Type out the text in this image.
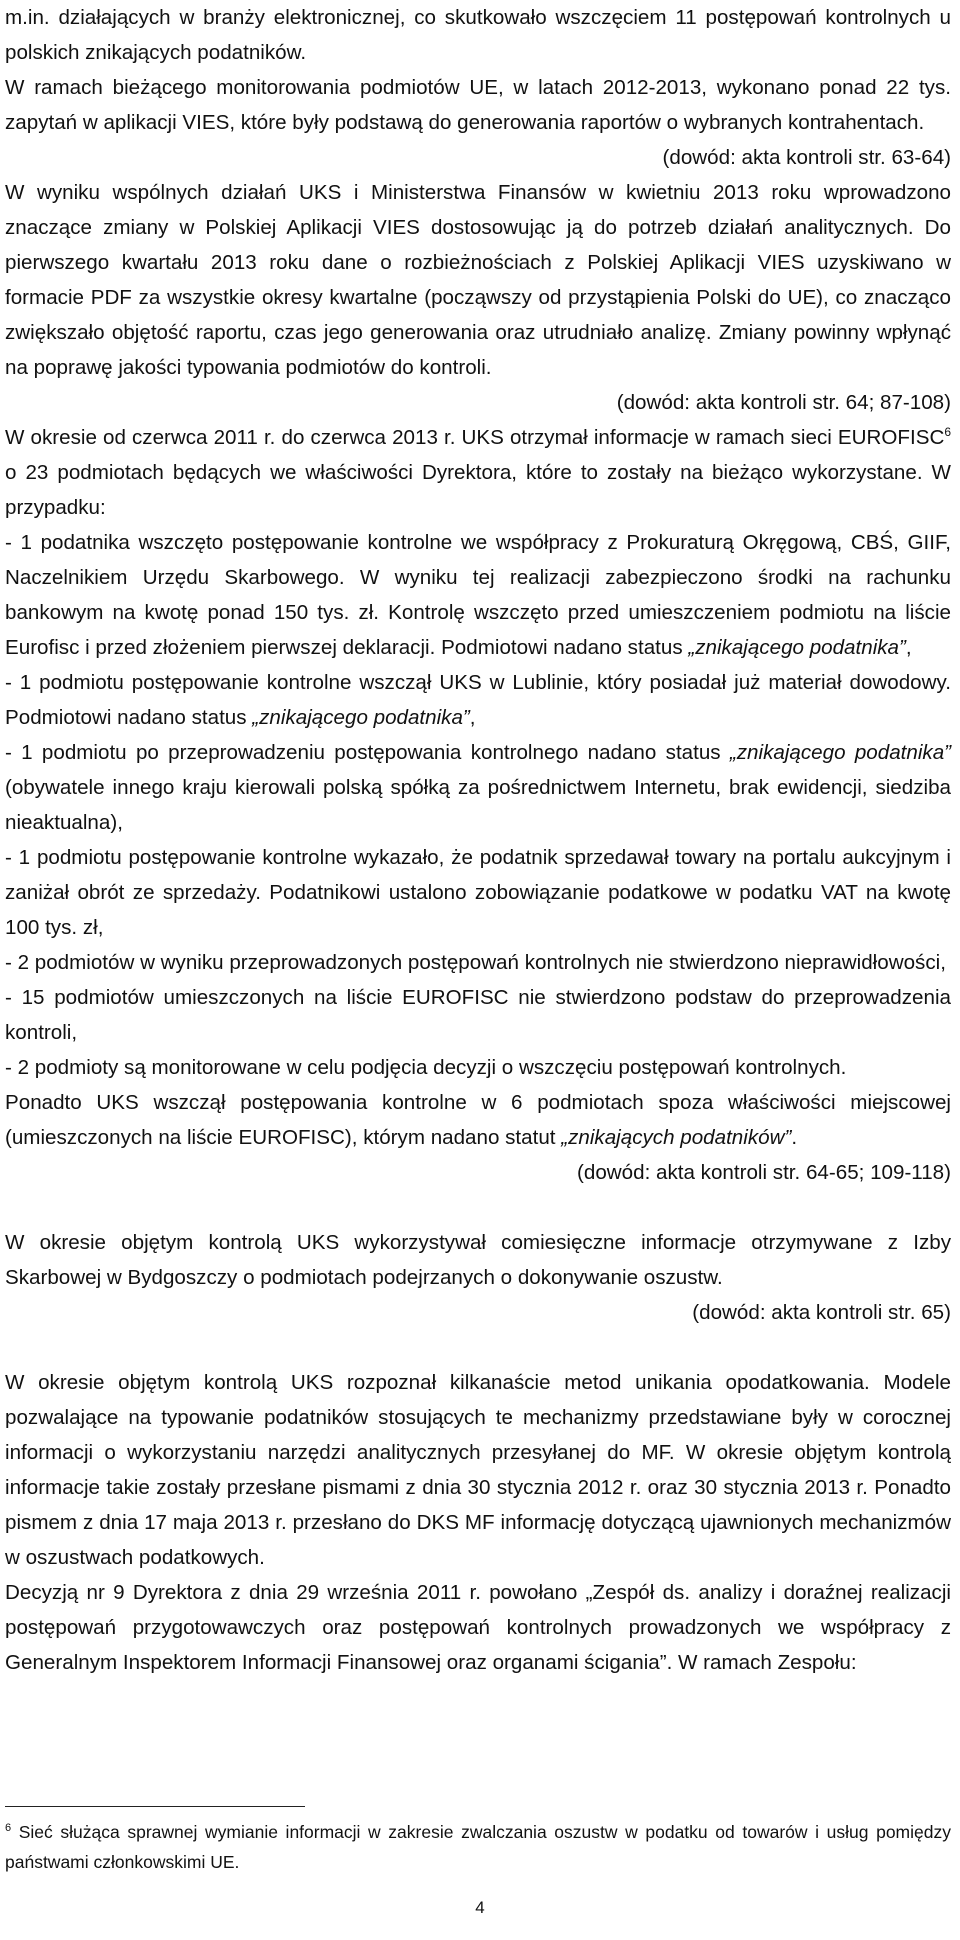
m.in. działających w branży elektronicznej, co skutkowało wszczęciem 11 postępowań kontrolnych u polskich znikających podatników.

W ramach bieżącego monitorowania podmiotów UE, w latach 2012-2013, wykonano ponad 22 tys. zapytań w aplikacji VIES, które były podstawą do generowania raportów o wybranych kontrahentach.

(dowód: akta kontroli str. 63-64)

W wyniku wspólnych działań UKS i Ministerstwa Finansów w kwietniu 2013 roku wprowadzono znaczące zmiany w Polskiej Aplikacji VIES dostosowując ją do potrzeb działań analitycznych. Do pierwszego kwartału 2013 roku dane o rozbieżnościach z Polskiej Aplikacji VIES uzyskiwano w formacie PDF za wszystkie okresy kwartalne (począwszy od przystąpienia Polski do UE), co znacząco zwiększało objętość raportu, czas jego generowania oraz utrudniało analizę. Zmiany powinny wpłynąć na poprawę jakości typowania podmiotów do kontroli.

(dowód: akta kontroli str. 64; 87-108)

W okresie od czerwca 2011 r. do czerwca 2013 r. UKS otrzymał informacje w ramach sieci EUROFISC$^6$ o 23 podmiotach będących we właściwości Dyrektora, które to zostały na bieżąco wykorzystane. W przypadku:

- 1 podatnika wszczęto postępowanie kontrolne we współpracy z Prokuraturą Okręgową, CBŚ, GIIF, Naczelnikiem Urzędu Skarbowego. W wyniku tej realizacji zabezpieczono środki na rachunku bankowym na kwotę ponad 150 tys. zł. Kontrolę wszczęto przed umieszczeniem podmiotu na liście Eurofisc i przed złożeniem pierwszej deklaracji. Podmiotowi nadano status „znikającego podatnika”,

- 1 podmiotu postępowanie kontrolne wszczął UKS w Lublinie, który posiadał już materiał dowodowy. Podmiotowi nadano status „znikającego podatnika”,

- 1 podmiotu po przeprowadzeniu postępowania kontrolnego nadano status „znikającego podatnika” (obywatele innego kraju kierowali polską spółką za pośrednictwem Internetu, brak ewidencji, siedziba nieaktualna),

- 1 podmiotu postępowanie kontrolne wykazało, że podatnik sprzedawał towary na portalu aukcyjnym i zaniżał obrót ze sprzedaży. Podatnikowi ustalono zobowiązanie podatkowe w podatku VAT na kwotę 100 tys. zł,

- 2 podmiotów w wyniku przeprowadzonych postępowań kontrolnych nie stwierdzono nieprawidłowości,

- 15 podmiotów umieszczonych na liście EUROFISC nie stwierdzono podstaw do przeprowadzenia kontroli,

- 2 podmioty są monitorowane w celu podjęcia decyzji o wszczęciu postępowań kontrolnych.

Ponadto UKS wszczął postępowania kontrolne w 6 podmiotach spoza właściwości miejscowej (umieszczonych na liście EUROFISC), którym nadano statut „znikających podatników”.

(dowód: akta kontroli str. 64-65; 109-118)

W okresie objętym kontrolą UKS wykorzystywał comiesięczne informacje otrzymywane z Izby Skarbowej w Bydgoszczy o podmiotach podejrzanych o dokonywanie oszustw.

(dowód: akta kontroli str. 65)

W okresie objętym kontrolą UKS rozpoznał kilkanaście metod unikania opodatkowania. Modele pozwalające na typowanie podatników stosujących te mechanizmy przedstawiane były w corocznej informacji o wykorzystaniu narzędzi analitycznych przesyłanej do MF. W okresie objętym kontrolą informacje takie zostały przesłane pismami z dnia 30 stycznia 2012 r. oraz 30 stycznia 2013 r. Ponadto pismem z dnia 17 maja 2013 r. przesłano do DKS MF informację dotyczącą ujawnionych mechanizmów w oszustwach podatkowych.

Decyzją nr 9 Dyrektora z dnia 29 września 2011 r. powołano „Zespół ds. analizy i doraźnej realizacji postępowań przygotowawczych oraz postępowań kontrolnych prowadzonych we współpracy z Generalnym Inspektorem Informacji Finansowej oraz organami ścigania”. W ramach Zespołu:

$^6$ Sieć służąca sprawnej wymianie informacji w zakresie zwalczania oszustw w podatku od towarów i usług pomiędzy państwami członkowskimi UE.
4
